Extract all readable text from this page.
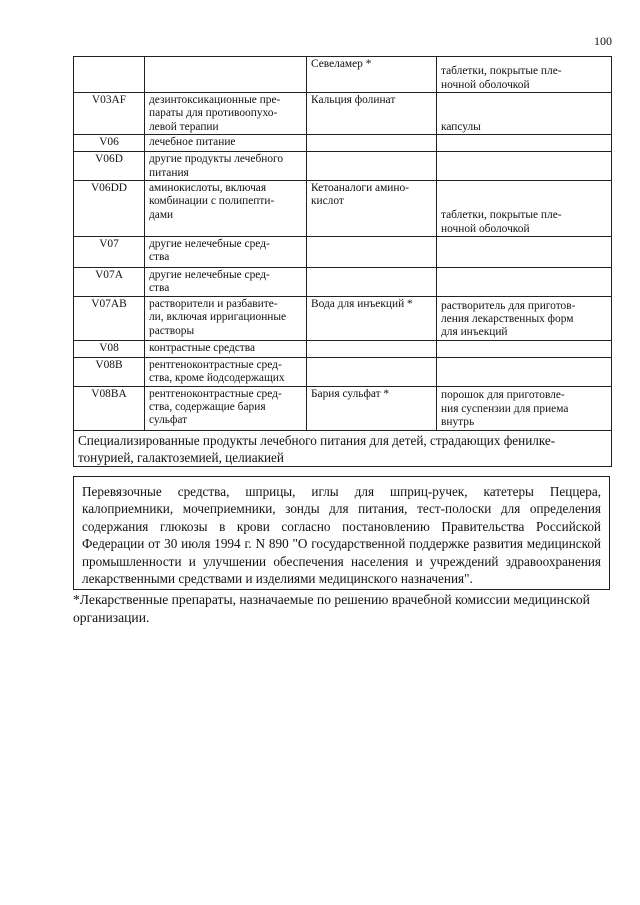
100
		Севеламер *	таблетки, покрытые пле-
ночной оболочкой
V03AF	дезинтоксикационные пре-
параты для противоопухо-
левой терапии	Кальция фолинат	капсулы
V06	лечебное питание		
V06D	другие продукты лечебного
питания		
V06DD	аминокислоты, включая
комбинации с полипепти-
дами	Кетоаналоги амино-
кислот	таблетки, покрытые пле-
ночной оболочкой
V07	другие нелечебные сред-
ства		
V07A	другие нелечебные сред-
ства		
V07AB	растворители и разбавите-
ли, включая ирригационные
растворы	Вода для инъекций *	растворитель для приготов-
ления лекарственных форм
для инъекций
V08	контрастные средства		
V08B	рентгеноконтрастные сред-
ства, кроме йодсодержащих		
V08BA	рентгеноконтрастные сред-
ства, содержащие бария
сульфат	Бария сульфат *	порошок для приготовле-
ния суспензии для приема
внутрь
Специализированные продукты лечебного питания для детей, страдающих фенилке-тонурией, галактоземией, целиакией			
Перевязочные средства, шприцы, иглы для шприц-ручек, катетеры Пеццера, калоприемники, мочеприемники, зонды для питания, тест-полоски для определения содержания глюкозы в крови согласно постановлению Правительства Российской Федерации от 30 июля 1994 г. N 890 "О государственной поддержке развития медицинской промышленности и улучшении обеспечения населения и учреждений здравоохранения лекарственными средствами и изделиями медицинского назначения".
*Лекарственные препараты, назначаемые по решению врачебной комиссии медицинской организации.
